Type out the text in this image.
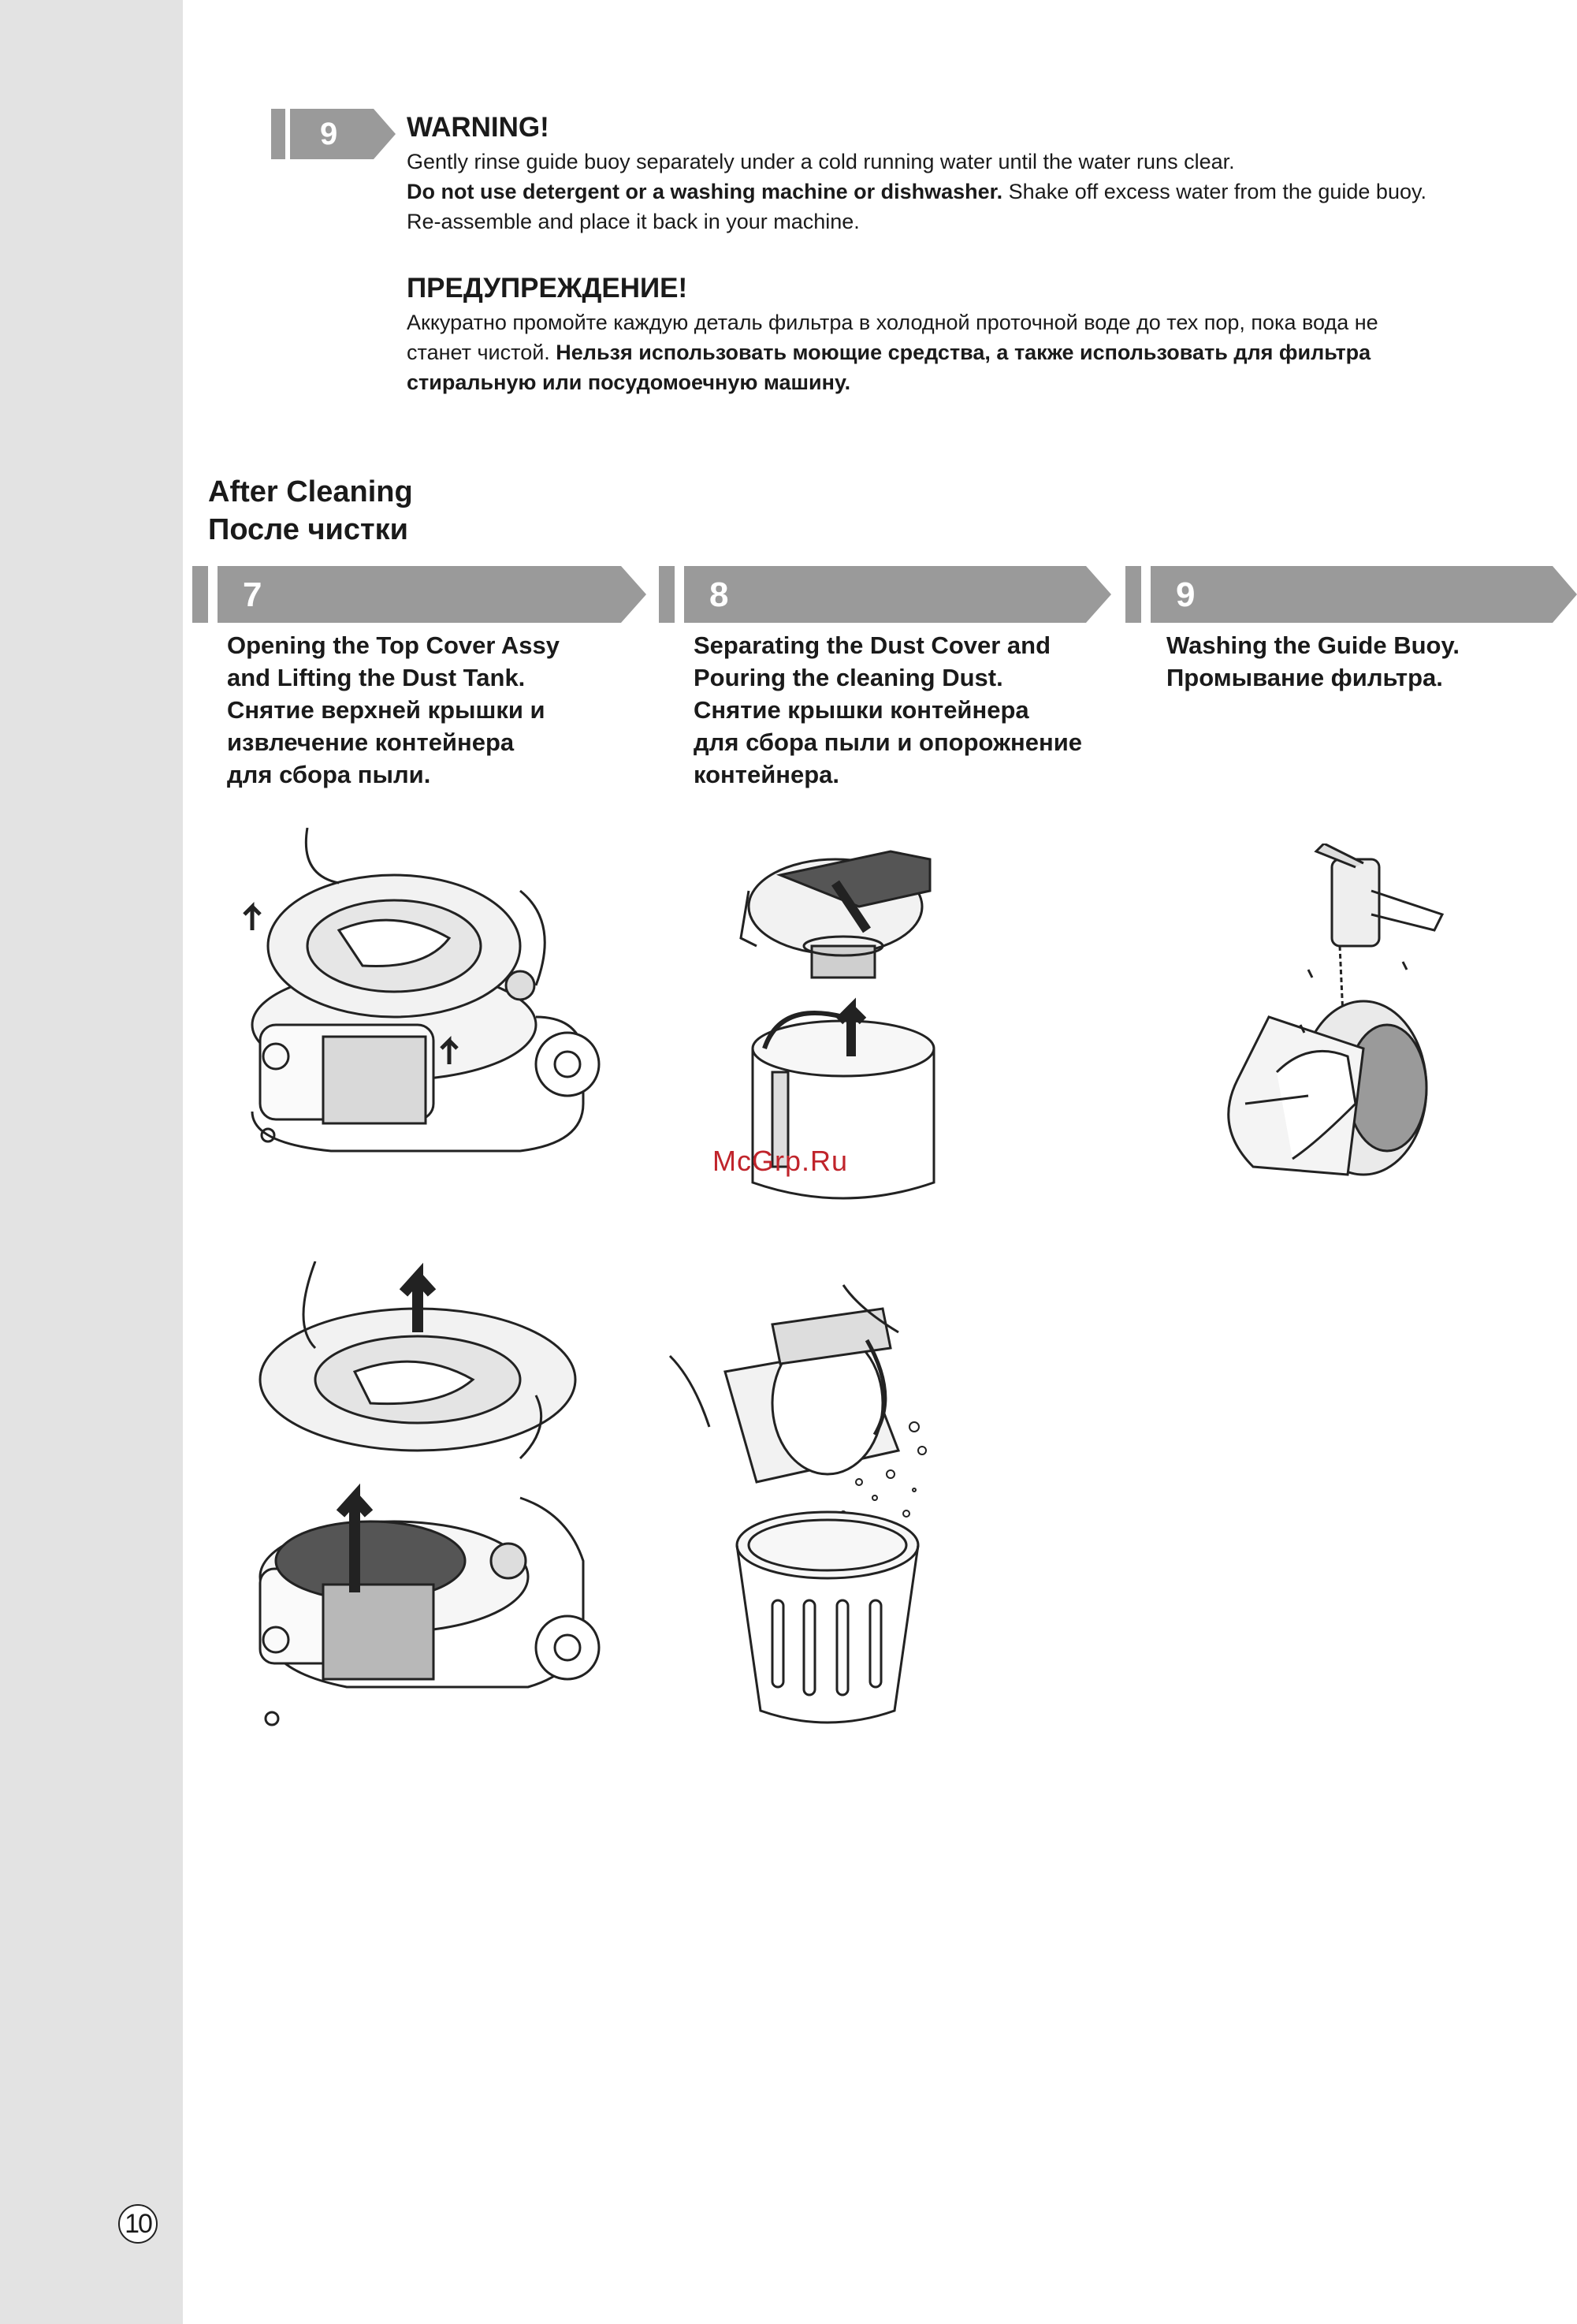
9	WARNING!
Gently rinse guide buoy separately under a cold running water until the water runs clear.
Do not use detergent or a washing machine or dishwasher. Shake off excess water from the guide buoy.
Re-assemble and place it back in your machine.
ПРЕДУПРЕЖДЕНИЕ!
Аккуратно промойте каждую деталь фильтра в холодной проточной воде до тех пор, пока вода не
станет чистой. Нельзя использовать моющие средства, а также использовать для фильтра
стиральную или посудомоечную машину.
After Cleaning
После чистки
7	8	9
Opening the Top Cover Assy
and Lifting the Dust Tank.
Снятие верхней крышки и
извлечение контейнера
для сбора пыли.
Separating the Dust Cover and
Pouring the cleaning Dust.
Снятие крышки контейнера
для сбора пыли и опорожнение
контейнера.
Washing the Guide Buoy.
Промывание фильтра.
McGrp.Ru
10
